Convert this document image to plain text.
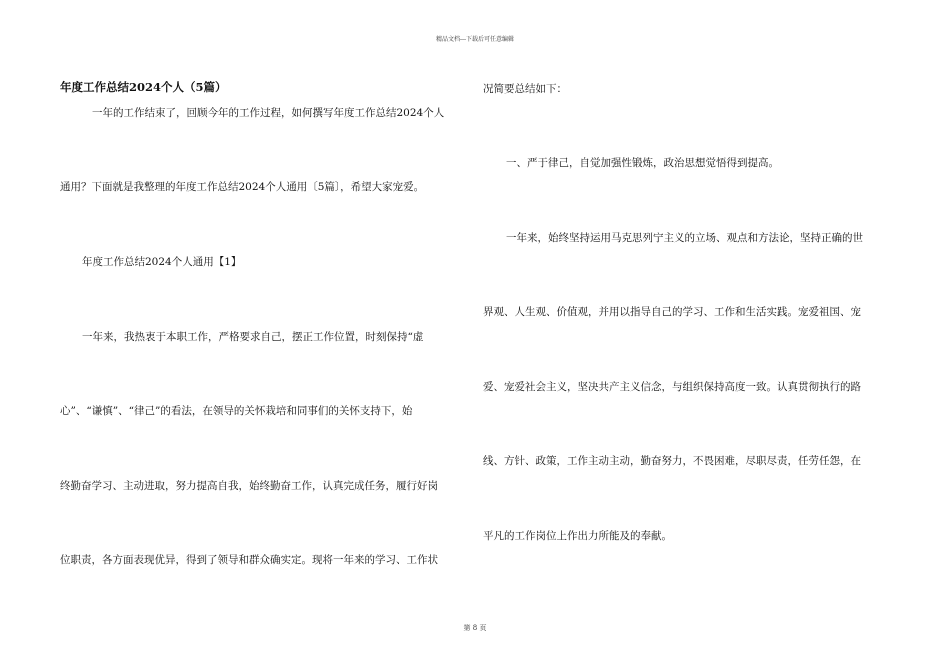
精品文档---下载后可任意编辑
年度工作总结2024个人（5篇）
一年的工作结束了，回顾今年的工作过程，如何撰写年度工作总结2024个人
通用？下面就是我整理的年度工作总结2024个人通用〔5篇〕，希望大家宠爱。
年度工作总结2024个人通用【1】
一年来，我热衷于本职工作，严格要求自己，摆正工作位置，时刻保持“虚
心”、“谦慎”、“律己”的看法，在领导的关怀栽培和同事们的关怀支持下，始
终勤奋学习、主动进取，努力提高自我，始终勤奋工作，认真完成任务，履行好岗
位职责，各方面表现优异，得到了领导和群众确实定。现将一年来的学习、工作状
况简要总结如下：
一、严于律己，自觉加强性锻炼，政治思想觉悟得到提高。
一年来，始终坚持运用马克思列宁主义的立场、观点和方法论，坚持正确的世
界观、人生观、价值观，并用以指导自己的学习、工作和生活实践。宠爱祖国、宠
爱、宠爱社会主义，坚决共产主义信念，与组织保持高度一致。认真贯彻执行的路
线、方针、政策，工作主动主动，勤奋努力，不畏困难，尽职尽责，任劳任怨，在
平凡的工作岗位上作出力所能及的奉献。
第 8 页
